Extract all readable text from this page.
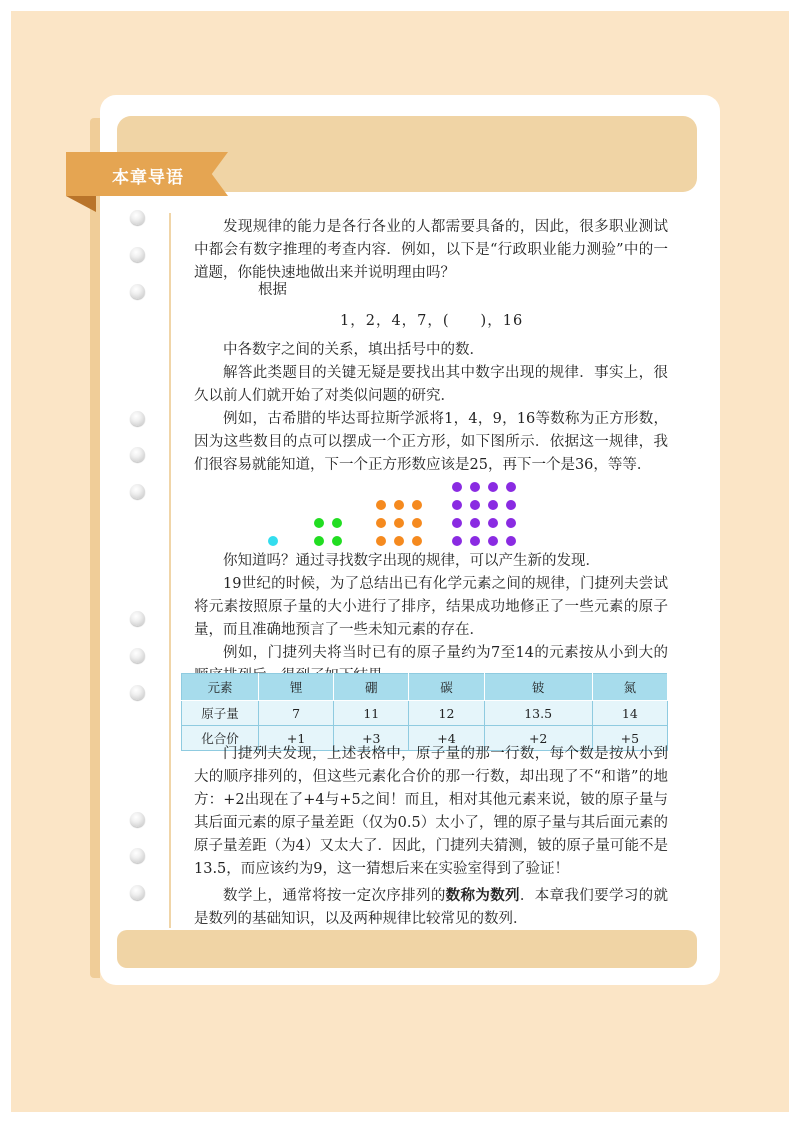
本章导语

发现规律的能力是各行各业的人都需要具备的，因此，很多职业测试中都会有数字推理的考查内容．例如，以下是“行政职业能力测验”中的一道题，你能快速地做出来并说明理由吗？

根据
1，2，4，7，(　　)，16

中各数字之间的关系，填出括号中的数．

解答此类题目的关键无疑是要找出其中数字出现的规律．事实上，很久以前人们就开始了对类似问题的研究．

例如，古希腊的毕达哥拉斯学派将1，4，9，16等数称为正方形数，因为这些数目的点可以摆成一个正方形，如下图所示．依据这一规律，我们很容易就能知道，下一个正方形数应该是25，再下一个是36，等等．

你知道吗？通过寻找数字出现的规律，可以产生新的发现．

19世纪的时候，为了总结出已有化学元素之间的规律，门捷列夫尝试将元素按照原子量的大小进行了排序，结果成功地修正了一些元素的原子量，而且准确地预言了一些未知元素的存在．

例如，门捷列夫将当时已有的原子量约为7至14的元素按从小到大的

元素	锂	硼	碳	铍	氮
原子量	7	11	12	13.5	14
化合价	+1	+3	+4	+2	+5

门捷列夫发现，上述表格中，原子量的那一行数，每个数是按从小到大的顺序排列的，但这些元素化合价的那一行数，却出现了不“和谐”的地方：+2出现在了+4与+5之间！而且，相对其他元素来说，铍的原子量与其后面元素的原子量差距（仅为0.5）太小了，锂的原子量与其后面元素的原子量差距（为4）又太大了．因此，门捷列夫猜测，铍的原子量可能不是13.5，而应该约为9，这一猜想后来在实验室得到了验证！

数学上，通常将按一定次序排列的数称为数列．本章我们要学习的就是数列的基础知识，以及两种规律比较常见的数列．
